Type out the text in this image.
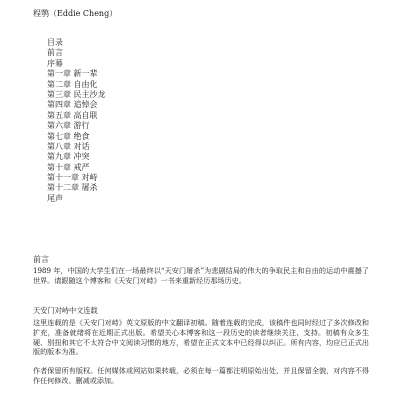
程鹗（Eddie Cheng）
目录
前言
序幕
第一章 新一辈
第二章 自由化
第三章 民主沙龙
第四章 追悼会
第五章 高自联
第六章 游行
第七章 绝食
第八章 对话
第九章 冲突
第十章 戒严
第十一章 对峙
第十二章 屠杀
尾声
前言
1989 年，中国的大学生们在一场最终以“天安门屠杀”为悲剧结局的伟大的争取民主和自由的运动中震撼了世界。请跟随这个博客和《天安门对峙》一书来重新经历那场历史。
天安门对峙中文连载
这里连载的是《天安门对峙》英文原版的中文翻译初稿。随着连载的完成，该稿件也同时经过了多次修改和扩充，准备就绪将在近期正式出版。希望关心本博客和这一段历史的读者继续关注、支持。初稿有众多生硬、别扭和其它不太符合中文阅读习惯的地方，希望在正式文本中已经得以纠正。所有内容，均应已正式出版的版本为准。
作者保留所有版权。任何媒体或网站如果转载，必须在每一篇都注明原始出处，并且保留全貌，对内容不得作任何修改、删减或添加。
